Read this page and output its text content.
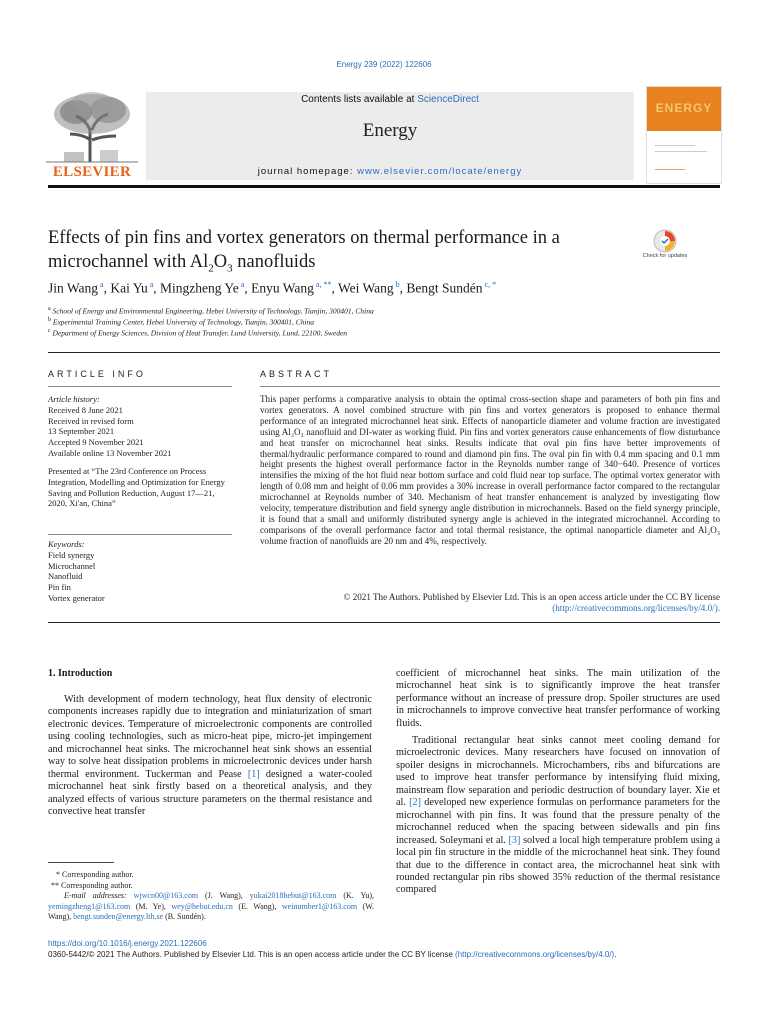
Energy 239 (2022) 122606
ELSEVIER
Contents lists available at ScienceDirect
Energy
journal homepage: www.elsevier.com/locate/energy
ENERGY
Effects of pin fins and vortex generators on thermal performance in a microchannel with $Al_2O_3$ nanofluids	Check for updates
Jin Wang $^a$, Kai Yu $^a$, Mingzheng Ye $^a$, Enyu Wang $^{a, **}$, Wei Wang $^b$, Bengt Sundén $^{c, *}$
$^a$ School of Energy and Environmental Engineering, Hebei University of Technology, Tianjin, 300401, China
$^b$ Experimental Training Center, Hebei University of Technology, Tianjin, 300401, China
$^c$ Department of Energy Sciences, Division of Heat Transfer, Lund University, Lund, 22100, Sweden
ARTICLE INFO
Article history:
Received 8 June 2021
Received in revised form
13 September 2021
Accepted 9 November 2021
Available online 13 November 2021
Presented at “The 23rd Conference on Process Integration, Modelling and Optimization for Energy Saving and Pollution Reduction, August 17—21, 2020, Xi'an, China”
Keywords:
Field synergy
Microchannel
Nanofluid
Pin fin
Vortex generator
ABSTRACT
This paper performs a comparative analysis to obtain the optimal cross-section shape and parameters of both pin fins and vortex generators. A novel combined structure with pin fins and vortex generators is proposed to enhance thermal performance of an integrated microchannel heat sink. Effects of nanoparticle diameter and volume fraction are investigated using Al₂O₃ nanofluid and DI-water as working fluid. Pin fins and vortex generators cause enhancements of flow disturbance and heat transfer on microchannel heat sinks. Results indicate that oval pin fins have better improvements of thermal/hydraulic performance compared to round and diamond pin fins. The oval pin fin with 0.4 mm spacing and 0.1 mm height presents the highest overall performance factor in the Reynolds number range of 340−640. Presence of vortices intensifies the mixing of the hot fluid near bottom surface and cold fluid near top surface. The optimal vortex generator with length of 0.08 mm and height of 0.06 mm provides a 30% increase in overall performance factor compared to the rectangular microchannel at Reynolds number of 340. Mechanism of heat transfer enhancement is analyzed by investigating flow velocity, temperature distribution and field synergy angle distribution in microchannels. Based on the field synergy principle, it is found that a small and uniformly distributed synergy angle is achieved in the integrated microchannel. According to comparisons of the overall performance factor and total thermal resistance, the optimal nanoparticle diameter and Al₂O₃ volume fraction of nanofluids are 20 nm and 4%, respectively.
© 2021 The Authors. Published by Elsevier Ltd. This is an open access article under the CC BY license
(http://creativecommons.org/licenses/by/4.0/).
1. Introduction
With development of modern technology, heat flux density of electronic components increases rapidly due to integration and miniaturization of smart electronic devices. Temperature of microelectronic components are controlled using cooling technologies, such as micro-heat pipe, micro-jet impingement and microchannel heat sinks. The microchannel heat sink shows an essential way to solve heat dissipation problems in microelectronic devices under harsh thermal environment. Tuckerman and Pease [1] designed a water-cooled microchannel heat sink firstly based on a theoretical analysis, and they analyzed effects of various structure parameters on the thermal resistance and convective heat transfer
coefficient of microchannel heat sinks. The main utilization of the microchannel heat sink is to significantly improve the heat transfer performance without an increase of pressure drop. Spoiler structures are used in microchannels to improve convective heat transfer performance of working fluids.
Traditional rectangular heat sinks cannot meet cooling demand for microelectronic devices. Many researchers have focused on innovation of spoiler designs in microchannels. Microchambers, ribs and bifurcations are used to improve heat transfer performance by intensifying fluid mixing, mainstream flow separation and periodic destruction of boundary layer. Xie et al. [2] developed new experience formulas on performance parameters for the microchannel with pin fins. It was found that the pressure penalty of the microchannel reduced when the spacing between sidewalls and pin fins increased. Soleymani et al. [3] solved a local high temperature problem using a local pin fin structure in the middle of the microchannel heat sink. They found that due to the difference in contact area, the microchannel heat sink with rounded rectangular pin ribs showed 35% reduction of the thermal resistance compared
* Corresponding author.
** Corresponding author.
E-mail addresses: wjwcn00@163.com (J. Wang), yukai2018hebut@163.com (K. Yu), yemingzheng1@163.com (M. Ye), wey@hebut.edu.cn (E. Wang), weinumber1@163.com (W. Wang), bengt.sunden@energy.lth.se (B. Sundén).
https://doi.org/10.1016/j.energy.2021.122606
0360-5442/© 2021 The Authors. Published by Elsevier Ltd. This is an open access article under the CC BY license (http://creativecommons.org/licenses/by/4.0/).
